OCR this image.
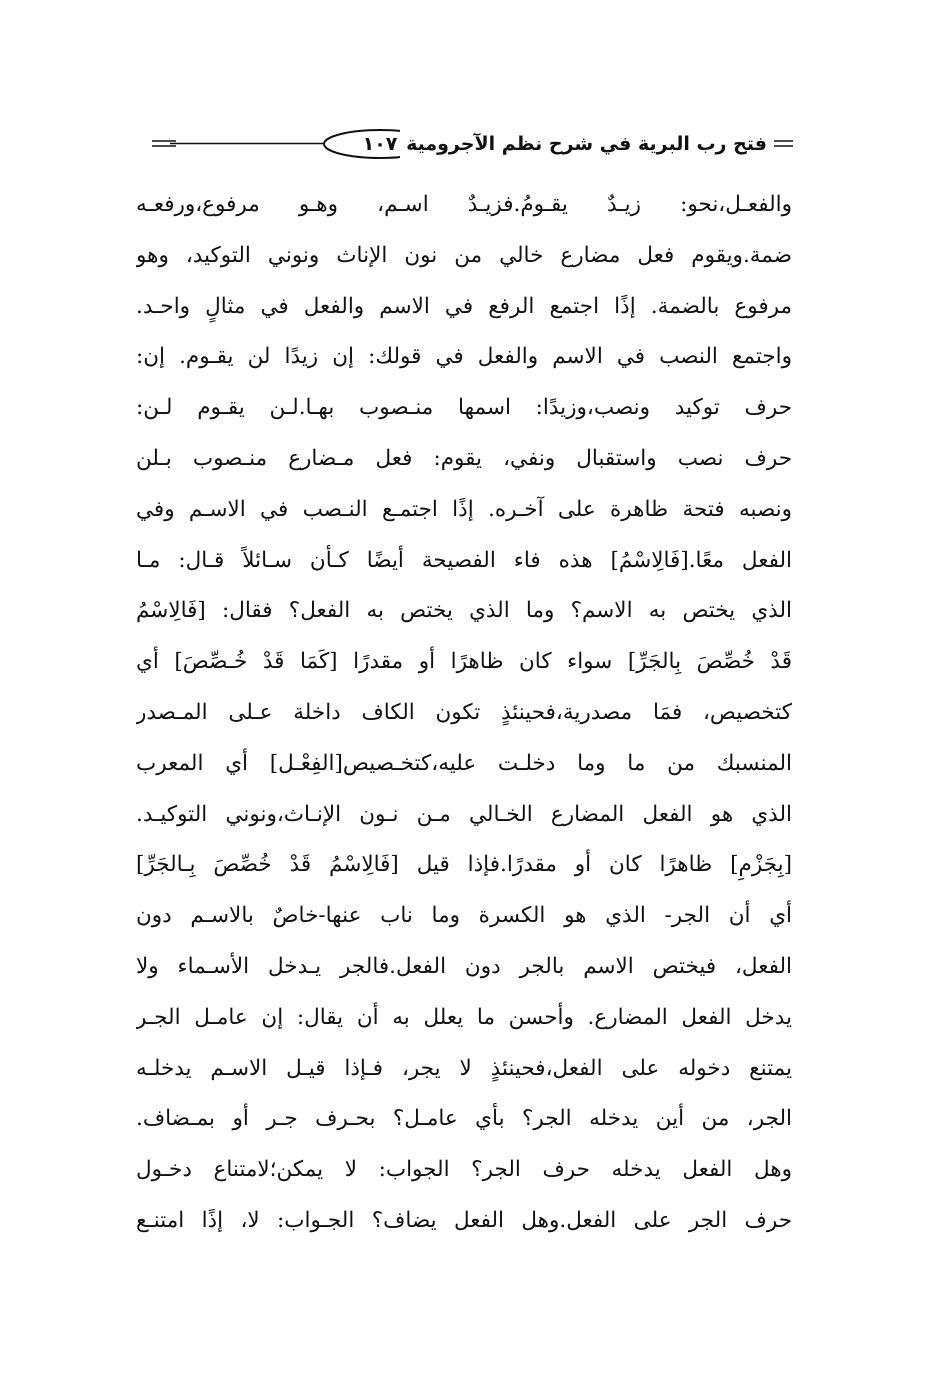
١٠٧ فتح رب البرية في شرح نظم الآجرومية
والفعـل،نحو: زيـدٌ يقـومُ.فزيـدٌ اسـم، وهـو مرفوع،ورفعـه
ضمة.ويقوم فعل مضارع خالي من نون الإناث ونوني التوكيد، وهو
مرفوع بالضمة. إذًا اجتمع الرفع في الاسم والفعل في مثالٍ واحـد.
واجتمع النصب في الاسم والفعل في قولك: إن زيدًا لن يقـوم. إن:
حرف توكيد ونصب،وزيدًا: اسمها منـصوب بهـا.لـن يقـوم لـن:
حرف نصب واستقبال ونفي، يقوم: فعل مـضارع منـصوب بـلن
ونصبه فتحة ظاهرة على آخـره. إذًا اجتمـع النـصب في الاسـم وفي
الفعل معًا.[فَالِاسْمُ] هذه فاء الفصيحة أيضًا كـأن سـائلاً قـال: مـا
الذي يختص به الاسم؟ وما الذي يختص به الفعل؟ فقال: [فَالِاسْمُ
قَدْ خُصِّصَ بِالجَرِّ] سواء كان ظاهرًا أو مقدرًا [كَمَا قَدْ خُـصِّصَ] أي
كتخصيص، فمَا مصدرية،فحينئذٍ تكون الكاف داخلة عـلى المـصدر
المنسبك من ما وما دخلـت عليه،كتخـصيص[الفِعْـل] أي المعرب
الذي هو الفعل المضارع الخـالي مـن نـون الإنـاث،ونوني التوكيـد.
[بِجَزْمِ] ظاهرًا كان أو مقدرًا.فإذا قيل [فَالِاسْمُ قَدْ خُصِّصَ بِـالجَرِّ]
أي أن الجر- الذي هو الكسرة وما ناب عنها-خاصٌ بالاسـم دون
الفعل، فيختص الاسم بالجر دون الفعل.فالجر يـدخل الأسـماء ولا
يدخل الفعل المضارع. وأحسن ما يعلل به أن يقال: إن عامـل الجـر
يمتنع دخوله على الفعل،فحينئذٍ لا يجر، فـإذا قيـل الاسـم يدخلـه
الجر، من أين يدخله الجر؟ بأي عامـل؟ بحـرف جـر أو بمـضاف.
وهل الفعل يدخله حرف الجر؟ الجواب: لا يمكن؛لامتناع دخـول
حرف الجر على الفعل.وهل الفعل يضاف؟ الجـواب: لا، إذًا امتنـع
